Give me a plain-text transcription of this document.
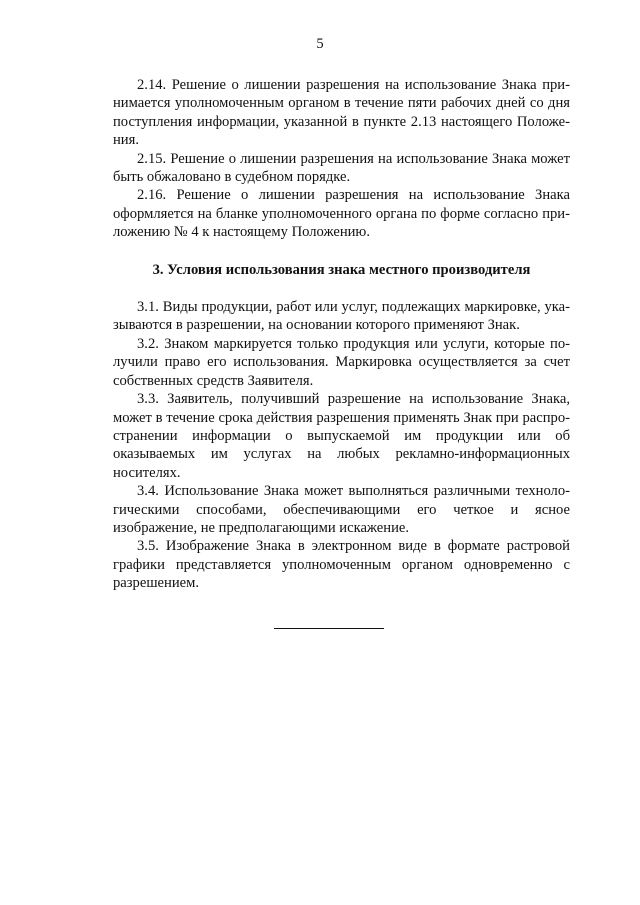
5

2.14. Решение о лишении разрешения на использование Знака принимается уполномоченным органом в течение пяти рабочих дней со дня поступления информации, указанной в пункте 2.13 настоящего Положения.

2.15. Решение о лишении разрешения на использование Знака может быть обжаловано в судебном порядке.

2.16. Решение о лишении разрешения на использование Знака оформляется на бланке уполномоченного органа по форме согласно приложению № 4 к настоящему Положению.

3. Условия использования знака местного производителя

3.1. Виды продукции, работ или услуг, подлежащих маркировке, указываются в разрешении, на основании которого применяют Знак.

3.2. Знаком маркируется только продукция или услуги, которые получили право его использования. Маркировка осуществляется за счет собственных средств Заявителя.

3.3. Заявитель, получивший разрешение на использование Знака, может в течение срока действия разрешения применять Знак при распространении информации о выпускаемой им продукции или об оказываемых им услугах на любых рекламно-информационных носителях.

3.4. Использование Знака может выполняться различными технологическими способами, обеспечивающими его четкое и ясное изображение, не предполагающими искажение.

3.5. Изображение Знака в электронном виде в формате растровой графики представляется уполномоченным органом одновременно с разрешением.
